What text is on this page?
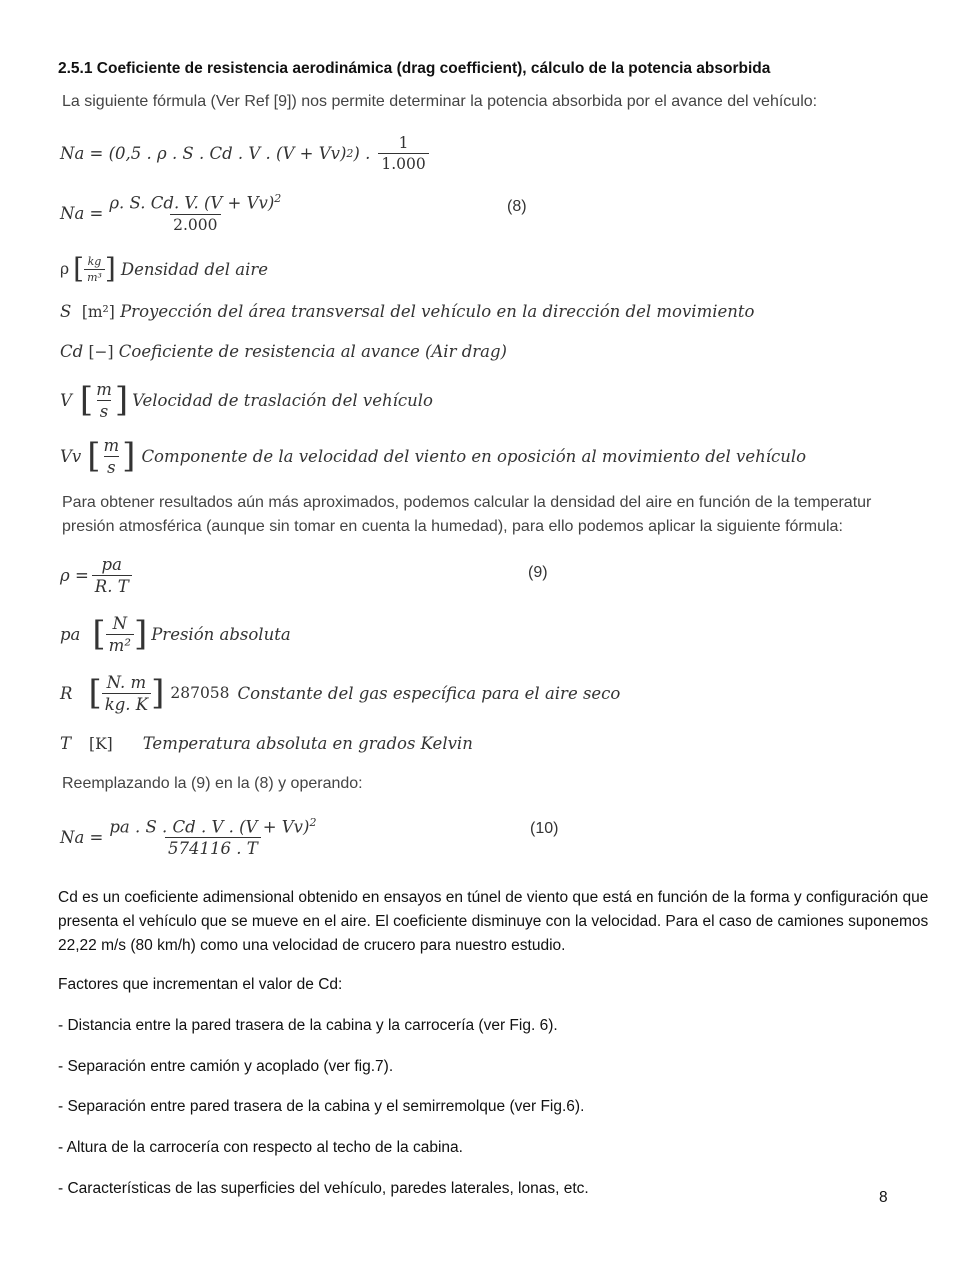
2.5.1 Coeficiente de resistencia aerodinámica (drag coefficient), cálculo de la potencia absorbida
La siguiente fórmula (Ver Ref [9]) nos permite determinar la potencia absorbida por el avance del vehículo:
Na = (0,5 . ρ . S . Cd . V . (V + Vv) 2 ) . $\frac{1}{1.000}$
$Na = \frac{\rho. S. Cd. V. (V + Vv)^2}{2.000}$	(8)
ρ [ $\frac{kg}{\text{m³}}$ ] Densidad del aire
S [m²] Proyección del área transversal del vehículo en la dirección del movimiento
Cd [−] Coeficiente de resistencia al avance (Air drag)
V [ $\frac{m}{s}$ ] Velocidad de traslación del vehículo
Vv [ $\frac{m}{s}$ ] Componente de la velocidad del viento en oposición al movimiento del vehículo
Para obtener resultados aún más aproximados, podemos calcular la densidad del aire en función de la temperatur
presión atmosférica (aunque sin tomar en cuenta la humedad), para ello podemos aplicar la siguiente fórmula:
$\rho = \frac{pa}{R. T}$	(9)
pa [ $\frac{N}{\text{m²}}$ ] Presión absoluta
R [ $\frac{N. m}{kg. K}$ ] 287058 Constante del gas específica para el aire seco
T [K] Temperatura absoluta en grados Kelvin
Reemplazando la (9) en la (8) y operando:
$Na = \frac{pa . S . Cd . V . (V + Vv)^2}{574116 . T}$	(10)
Cd es un coeficiente adimensional obtenido en ensayos en túnel de viento que está en función de la forma y configuración que presenta el vehículo que se mueve en el aire. El coeficiente disminuye con la velocidad. Para el caso de camiones suponemos 22,22 m/s (80 km/h) como una velocidad de crucero para nuestro estudio.
Factores que incrementan el valor de Cd:
- Distancia entre la pared trasera de la cabina y la carrocería (ver Fig. 6).
- Separación entre camión y acoplado (ver fig.7).
- Separación entre pared trasera de la cabina y el semirremolque (ver Fig.6).
- Altura de la carrocería con respecto al techo de la cabina.
- Características de las superficies del vehículo, paredes laterales, lonas, etc.
8
